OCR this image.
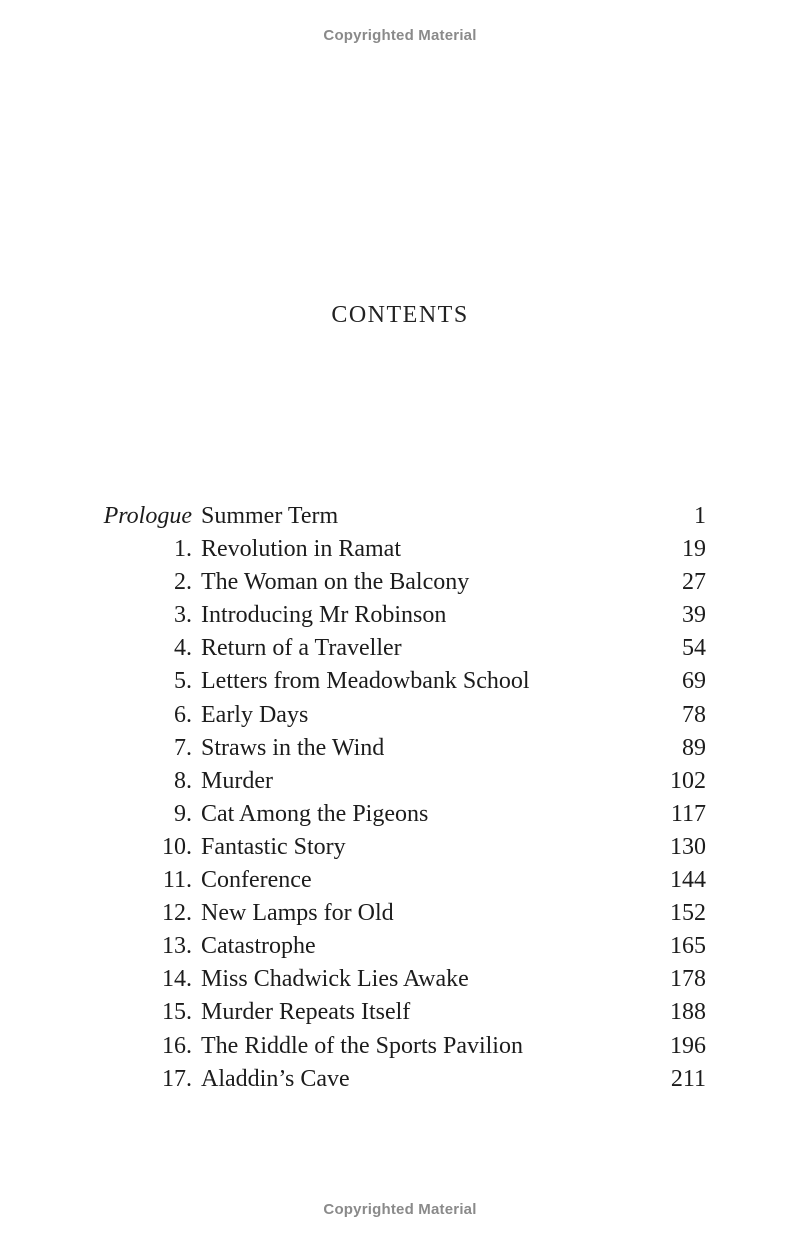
Copyrighted Material
CONTENTS
Prologue Summer Term	1
1. Revolution in Ramat	19
2. The Woman on the Balcony	27
3. Introducing Mr Robinson	39
4. Return of a Traveller	54
5. Letters from Meadowbank School	69
6. Early Days	78
7. Straws in the Wind	89
8. Murder	102
9. Cat Among the Pigeons	117
10. Fantastic Story	130
11. Conference	144
12. New Lamps for Old	152
13. Catastrophe	165
14. Miss Chadwick Lies Awake	178
15. Murder Repeats Itself	188
16. The Riddle of the Sports Pavilion	196
17. Aladdin’s Cave	211
Copyrighted Material
